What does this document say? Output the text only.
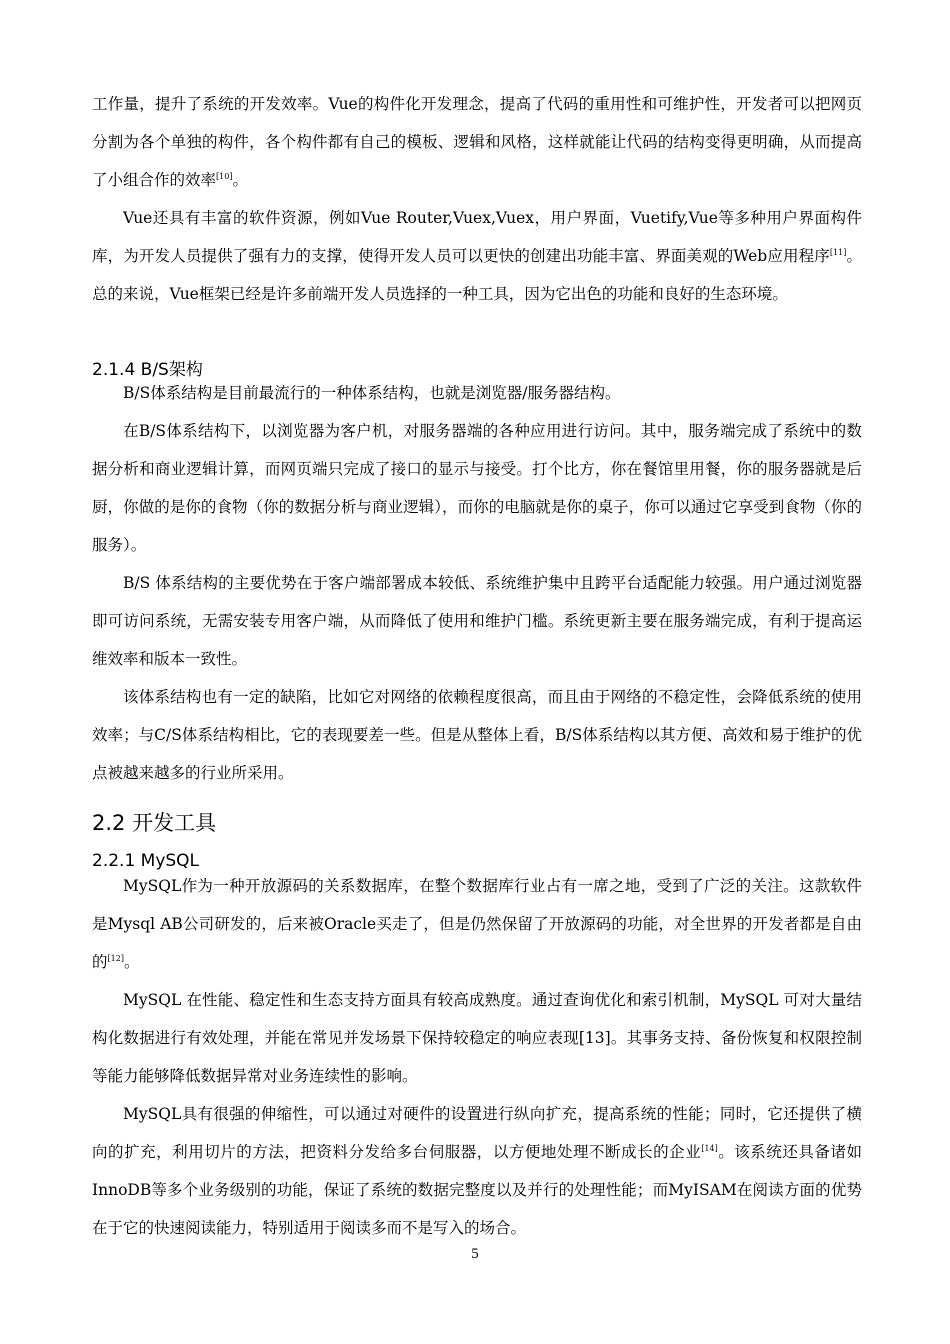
工作量，提升了系统的开发效率。Vue的构件化开发理念，提高了代码的重用性和可维护性，开发者可以把网页分割为各个单独的构件，各个构件都有自己的模板、逻辑和风格，这样就能让代码的结构变得更明确，从而提高了小组合作的效率[10]。

Vue还具有丰富的软件资源，例如Vue Router,Vuex,Vuex，用户界面，Vuetify,Vue等多种用户界面构件库，为开发人员提供了强有力的支撑，使得开发人员可以更快的创建出功能丰富、界面美观的Web应用程序[11]。总的来说，Vue框架已经是许多前端开发人员选择的一种工具，因为它出色的功能和良好的生态环境。

2.1.4 B/S架构

B/S体系结构是目前最流行的一种体系结构，也就是浏览器/服务器结构。

在B/S体系结构下，以浏览器为客户机，对服务器端的各种应用进行访问。其中，服务端完成了系统中的数据分析和商业逻辑计算，而网页端只完成了接口的显示与接受。打个比方，你在餐馆里用餐，你的服务器就是后厨，你做的是你的食物（你的数据分析与商业逻辑），而你的电脑就是你的桌子，你可以通过它享受到食物（你的服务）。

B/S 体系结构的主要优势在于客户端部署成本较低、系统维护集中且跨平台适配能力较强。用户通过浏览器即可访问系统，无需安装专用客户端，从而降低了使用和维护门槛。系统更新主要在服务端完成，有利于提高运维效率和版本一致性。

该体系结构也有一定的缺陷，比如它对网络的依赖程度很高，而且由于网络的不稳定性，会降低系统的使用效率；与C/S体系结构相比，它的表现要差一些。但是从整体上看，B/S体系结构以其方便、高效和易于维护的优点被越来越多的行业所采用。

2.2 开发工具
2.2.1 MySQL

MySQL作为一种开放源码的关系数据库，在整个数据库行业占有一席之地，受到了广泛的关注。这款软件是Mysql AB公司研发的，后来被Oracle买走了，但是仍然保留了开放源码的功能，对全世界的开发者都是自由的[12]。

MySQL 在性能、稳定性和生态支持方面具有较高成熟度。通过查询优化和索引机制，MySQL 可对大量结构化数据进行有效处理，并能在常见并发场景下保持较稳定的响应表现[13]。其事务支持、备份恢复和权限控制等能力能够降低数据异常对业务连续性的影响。

MySQL具有很强的伸缩性，可以通过对硬件的设置进行纵向扩充，提高系统的性能；同时，它还提供了横向的扩充，利用切片的方法，把资料分发给多台伺服器，以方便地处理不断成长的企业[14]。该系统还具备诸如InnoDB等多个业务级别的功能，保证了系统的数据完整度以及并行的处理性能；而MyISAM在阅读方面的优势在于它的快速阅读能力，特别适用于阅读多而不是写入的场合。

5
